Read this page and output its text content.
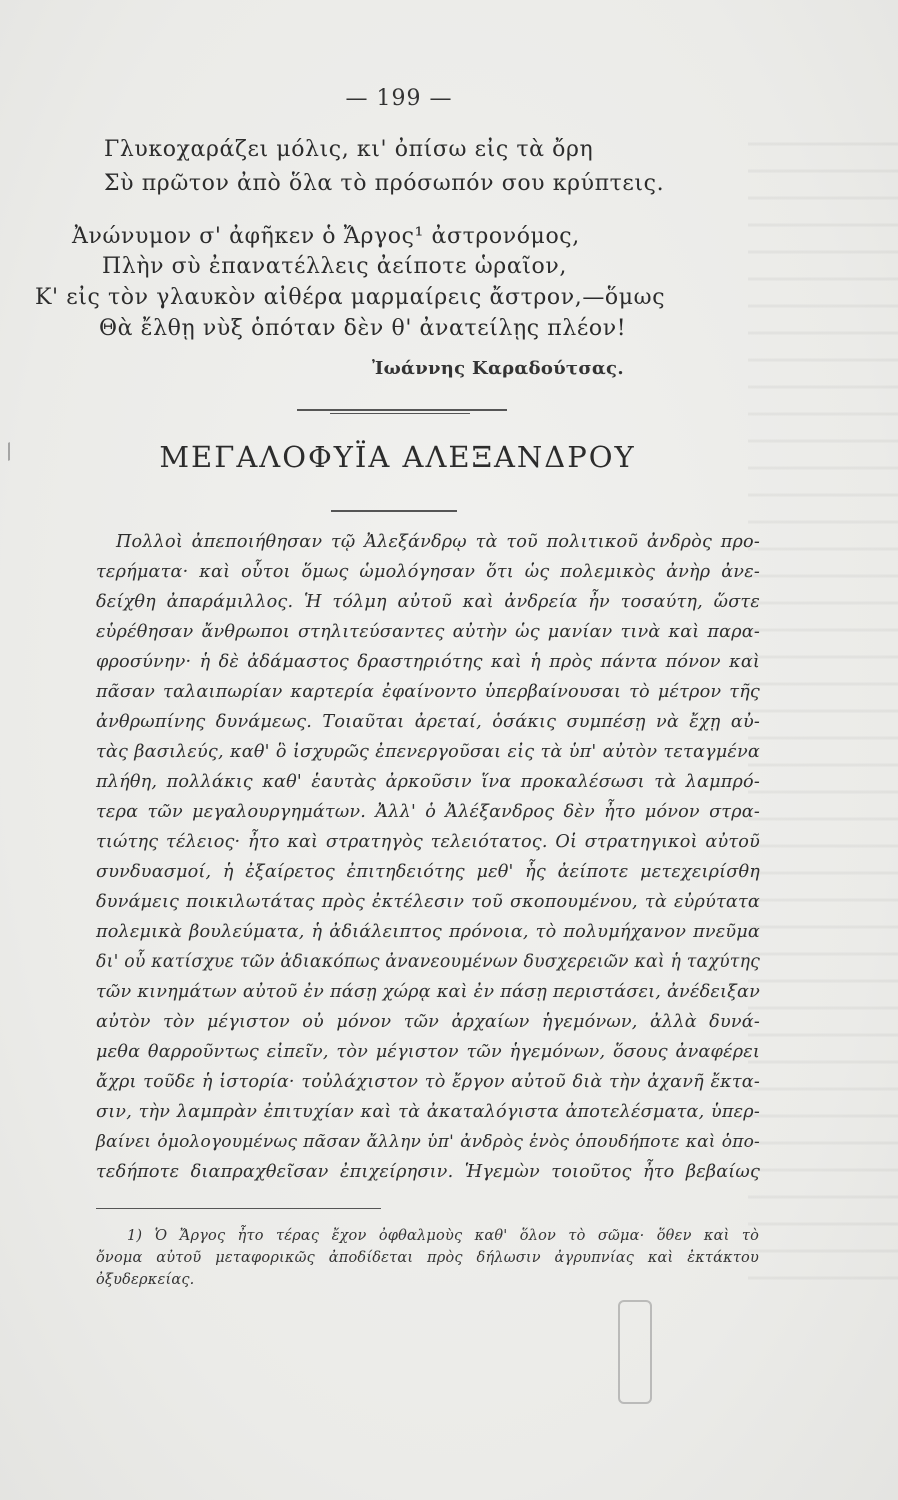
— 199 —
Γλυκοχαράζει μόλις, κι' ὀπίσω εἰς τὰ ὄρη
Σὺ πρῶτον ἀπὸ ὅλα τὸ πρόσωπόν σου κρύπτεις.
Ἀνώνυμον σ' ἀφῆκεν ὁ Ἄργος¹ ἀστρονόμος,
Πλὴν σὺ ἐπανατέλλεις ἀείποτε ὡραῖον,
Κ' εἰς τὸν γλαυκὸν αἰθέρα μαρμαίρεις ἄστρον,—ὅμως
Θὰ ἔλθῃ νὺξ ὁπόταν δὲν θ' ἀνατείλῃς πλέον!
Ἰωάννης Καραδούτσας.
ΜΕΓΑΛΟΦΥΪΑ ΑΛΕΞΑΝΔΡΟΥ
Πολλοὶ ἀπεποιήθησαν τῷ Ἀλεξάνδρῳ τὰ τοῦ πολιτικοῦ ἀνδρὸς προ-
τερήματα· καὶ οὗτοι ὅμως ὡμολόγησαν ὅτι ὡς πολεμικὸς ἀνὴρ ἀνε-
δείχθη ἀπαράμιλλος. Ἡ τόλμη αὐτοῦ καὶ ἀνδρεία ἦν τοσαύτη, ὥστε
εὑρέθησαν ἄνθρωποι στηλιτεύσαντες αὐτὴν ὡς μανίαν τινὰ καὶ παρα-
φροσύνην· ἡ δὲ ἀδάμαστος δραστηριότης καὶ ἡ πρὸς πάντα πόνον καὶ
πᾶσαν ταλαιπωρίαν καρτερία ἐφαίνοντο ὑπερβαίνουσαι τὸ μέτρον τῆς
ἀνθρωπίνης δυνάμεως. Τοιαῦται ἀρεταί, ὁσάκις συμπέσῃ νὰ ἔχῃ αὐ-
τὰς βασιλεύς, καθ' ὃ ἰσχυρῶς ἐπενεργοῦσαι εἰς τὰ ὑπ' αὐτὸν τεταγμένα
πλήθη, πολλάκις καθ' ἑαυτὰς ἀρκοῦσιν ἵνα προκαλέσωσι τὰ λαμπρό-
τερα τῶν μεγαλουργημάτων. Ἀλλ' ὁ Ἀλέξανδρος δὲν ἦτο μόνον στρα-
τιώτης τέλειος· ἦτο καὶ στρατηγὸς τελειότατος. Οἱ στρατηγικοὶ αὐτοῦ
συνδυασμοί, ἡ ἐξαίρετος ἐπιτηδειότης μεθ' ἧς ἀείποτε μετεχειρίσθη
δυνάμεις ποικιλωτάτας πρὸς ἐκτέλεσιν τοῦ σκοπουμένου, τὰ εὐρύτατα
πολεμικὰ βουλεύματα, ἡ ἀδιάλειπτος πρόνοια, τὸ πολυμήχανον πνεῦμα
δι' οὗ κατίσχυε τῶν ἀδιακόπως ἀνανεουμένων δυσχερειῶν καὶ ἡ ταχύτης
τῶν κινημάτων αὐτοῦ ἐν πάσῃ χώρᾳ καὶ ἐν πάσῃ περιστάσει, ἀνέδειξαν
αὐτὸν τὸν μέγιστον οὐ μόνον τῶν ἀρχαίων ἡγεμόνων, ἀλλὰ δυνά-
μεθα θαρροῦντως εἰπεῖν, τὸν μέγιστον τῶν ἡγεμόνων, ὅσους ἀναφέρει
ἄχρι τοῦδε ἡ ἱστορία· τοὐλάχιστον τὸ ἔργον αὐτοῦ διὰ τὴν ἀχανῆ ἔκτα-
σιν, τὴν λαμπρὰν ἐπιτυχίαν καὶ τὰ ἀκαταλόγιστα ἀποτελέσματα, ὑπερ-
βαίνει ὁμολογουμένως πᾶσαν ἄλλην ὑπ' ἀνδρὸς ἑνὸς ὁπουδήποτε καὶ ὁπο-
τεδήποτε διαπραχθεῖσαν ἐπιχείρησιν. Ἡγεμὼν τοιοῦτος ἦτο βεβαίως
1) Ὁ Ἄργος ἦτο τέρας ἔχον ὀφθαλμοὺς καθ' ὅλον τὸ σῶμα· ὅθεν καὶ τὸ
ὄνομα αὐτοῦ μεταφορικῶς ἀποδίδεται πρὸς δήλωσιν ἀγρυπνίας καὶ ἐκτάκτου
ὀξυδερκείας.
